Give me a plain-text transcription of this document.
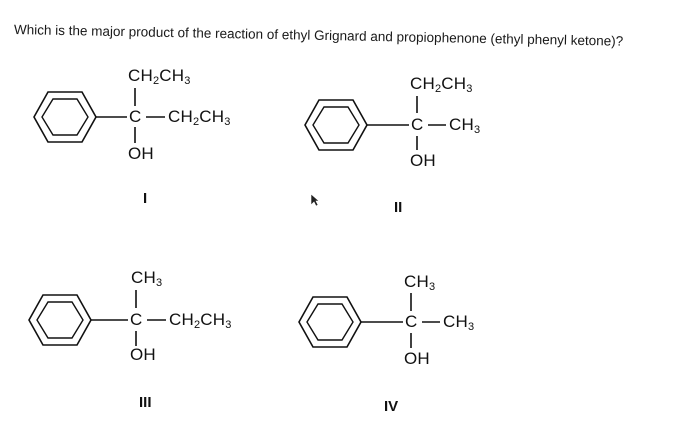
Which is the major product of the reaction of ethyl Grignard and propiophenone (ethyl phenyl ketone)?
$CH_2CH_3$
C $CH_2CH_3$
OH
I
$CH_2CH_3$
C $CH_3$
OH
II
$CH_3$
C $CH_2CH_3$
OH
III
$CH_3$
C $CH_3$
OH
IV
